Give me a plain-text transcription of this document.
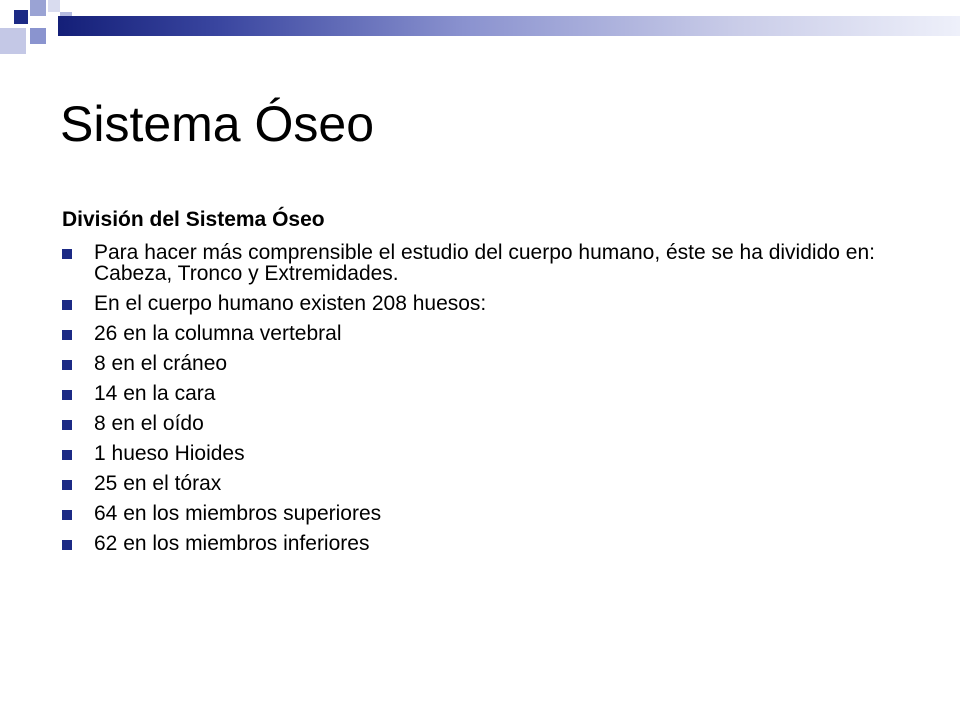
Sistema Óseo
División del Sistema Óseo
Para hacer más comprensible el estudio del cuerpo humano, éste se ha dividido en: Cabeza, Tronco y Extremidades.
En el cuerpo humano existen 208 huesos:
26 en la columna vertebral
8 en el cráneo
14 en la cara
8 en el oído
1 hueso Hioides
25 en el tórax
64 en los miembros superiores
62 en los miembros inferiores
